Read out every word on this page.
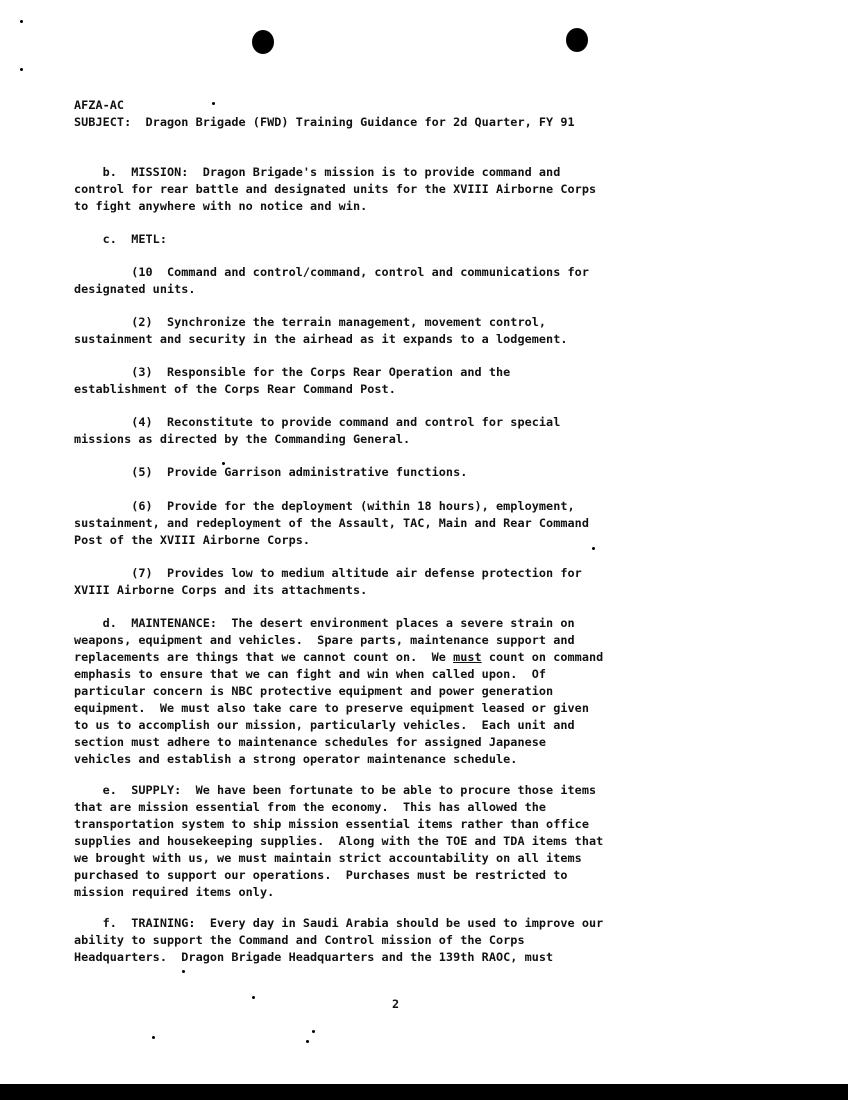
AFZA-AC
SUBJECT:  Dragon Brigade (FWD) Training Guidance for 2d Quarter, FY 91
b.  MISSION:  Dragon Brigade's mission is to provide command and
control for rear battle and designated units for the XVIII Airborne Corps
to fight anywhere with no notice and win.
c.  METL:
(10  Command and control/command, control and communications for
designated units.
(2)  Synchronize the terrain management, movement control,
sustainment and security in the airhead as it expands to a lodgement.
(3)  Responsible for the Corps Rear Operation and the
establishment of the Corps Rear Command Post.
(4)  Reconstitute to provide command and control for special
missions as directed by the Commanding General.
(5)  Provide Garrison administrative functions.
(6)  Provide for the deployment (within 18 hours), employment,
sustainment, and redeployment of the Assault, TAC, Main and Rear Command
Post of the XVIII Airborne Corps.
(7)  Provides low to medium altitude air defense protection for
XVIII Airborne Corps and its attachments.
d.  MAINTENANCE:  The desert environment places a severe strain on
weapons, equipment and vehicles.  Spare parts, maintenance support and
replacements are things that we cannot count on.  We must count on command
emphasis to ensure that we can fight and win when called upon.  Of
particular concern is NBC protective equipment and power generation
equipment.  We must also take care to preserve equipment leased or given
to us to accomplish our mission, particularly vehicles.  Each unit and
section must adhere to maintenance schedules for assigned Japanese
vehicles and establish a strong operator maintenance schedule.
e.  SUPPLY:  We have been fortunate to be able to procure those items
that are mission essential from the economy.  This has allowed the
transportation system to ship mission essential items rather than office
supplies and housekeeping supplies.  Along with the TOE and TDA items that
we brought with us, we must maintain strict accountability on all items
purchased to support our operations.  Purchases must be restricted to
mission required items only.
f.  TRAINING:  Every day in Saudi Arabia should be used to improve our
ability to support the Command and Control mission of the Corps
Headquarters.  Dragon Brigade Headquarters and the 139th RAOC, must
2
